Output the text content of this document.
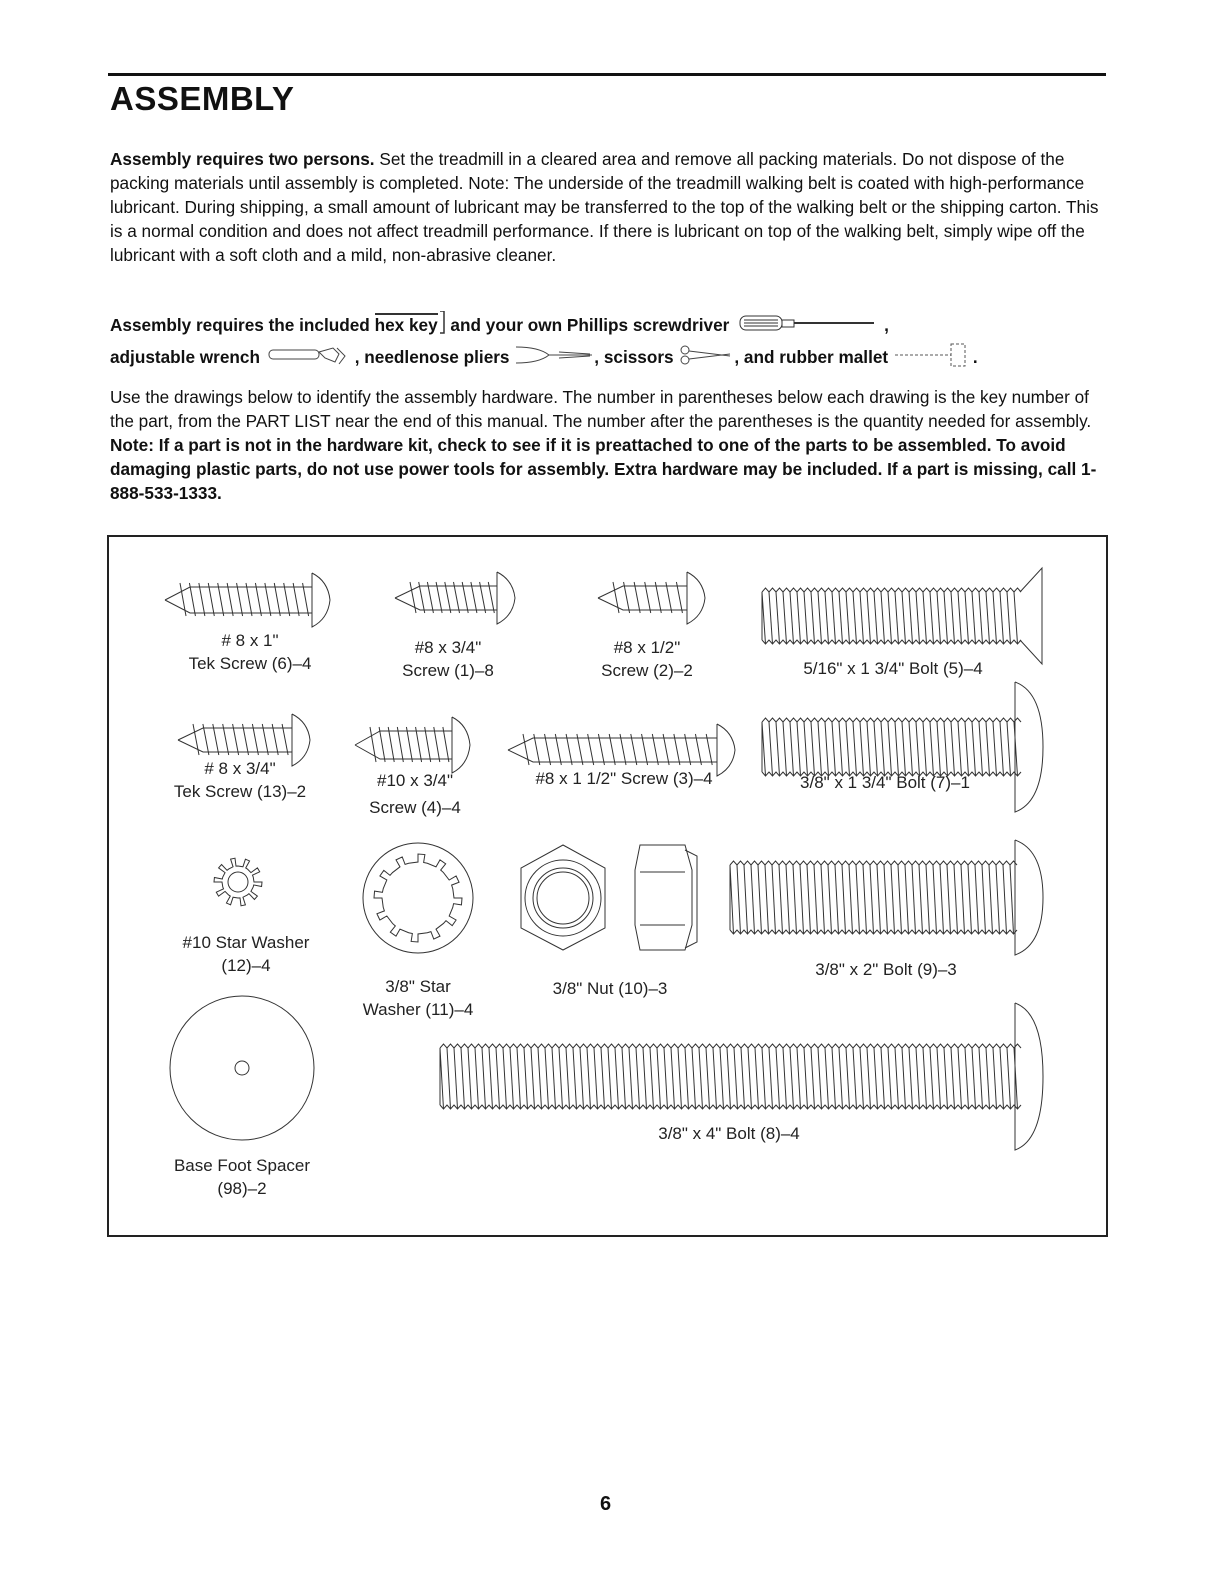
ASSEMBLY
Assembly requires two persons. Set the treadmill in a cleared area and remove all packing materials. Do not dispose of the packing materials until assembly is completed. Note: The underside of the treadmill walking belt is coated with high-performance lubricant. During shipping, a small amount of lubricant may be transferred to the top of the walking belt or the shipping carton. This is a normal condition and does not affect treadmill performance. If there is lubricant on top of the walking belt, simply wipe off the lubricant with a soft cloth and a mild, non-abrasive cleaner.
Assembly requires the included hex key and your own Phillips screwdriver	,
adjustable wrench	, needlenose pliers	, scissors	, and rubber mallet	.
Use the drawings below to identify the assembly hardware. The number in parentheses below each drawing is the key number of the part, from the PART LIST near the end of this manual. The number after the parentheses is the quantity needed for assembly. Note: If a part is not in the hardware kit, check to see if it is preattached to one of the parts to be assembled. To avoid damaging plastic parts, do not use power tools for assembly. Extra hardware may be included. If a part is missing, call 1-888-533-1333.
# 8 x 1"
Tek Screw (6)–4
#8 x 3/4"
Screw (1)–8
#8 x 1/2"
Screw (2)–2	5/16" x 1 3/4" Bolt (5)–4
# 8 x 3/4"
Tek Screw (13)–2
#10 x 3/4"
Screw (4)–4
#8 x 1 1/2" Screw (3)–4	3/8" x 1 3/4" Bolt (7)–1
#10 Star Washer
(12)–4
3/8" Star
Washer (11)–4
3/8" Nut (10)–3
3/8" x 2" Bolt (9)–3
3/8" x 4" Bolt (8)–4
Base Foot Spacer
(98)–2
6
